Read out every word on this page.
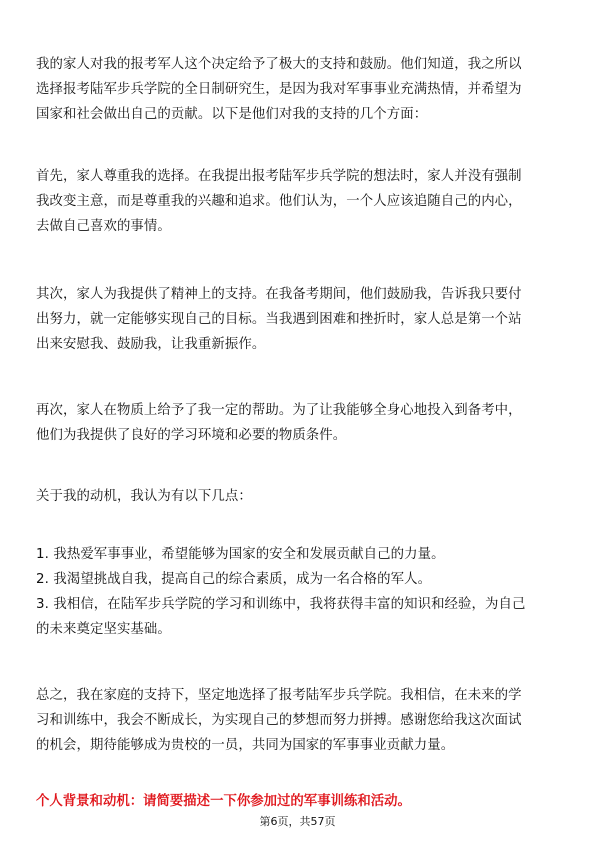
我的家人对我的报考军人这个决定给予了极大的支持和鼓励。他们知道，我之所以
选择报考陆军步兵学院的全日制研究生，是因为我对军事事业充满热情，并希望为
国家和社会做出自己的贡献。以下是他们对我的支持的几个方面：
首先，家人尊重我的选择。在我提出报考陆军步兵学院的想法时，家人并没有强制
我改变主意，而是尊重我的兴趣和追求。他们认为，一个人应该追随自己的内心，
去做自己喜欢的事情。
其次，家人为我提供了精神上的支持。在我备考期间，他们鼓励我，告诉我只要付
出努力，就一定能够实现自己的目标。当我遇到困难和挫折时，家人总是第一个站
出来安慰我、鼓励我，让我重新振作。
再次，家人在物质上给予了我一定的帮助。为了让我能够全身心地投入到备考中，
他们为我提供了良好的学习环境和必要的物质条件。
关于我的动机，我认为有以下几点：
1. 我热爱军事事业，希望能够为国家的安全和发展贡献自己的力量。
2. 我渴望挑战自我，提高自己的综合素质，成为一名合格的军人。
3. 我相信，在陆军步兵学院的学习和训练中，我将获得丰富的知识和经验，为自己
的未来奠定坚实基础。
总之，我在家庭的支持下，坚定地选择了报考陆军步兵学院。我相信，在未来的学
习和训练中，我会不断成长，为实现自己的梦想而努力拼搏。感谢您给我这次面试
的机会，期待能够成为贵校的一员，共同为国家的军事事业贡献力量。

个人背景和动机：请简要描述一下你参加过的军事训练和活动。

第6页，共57页
